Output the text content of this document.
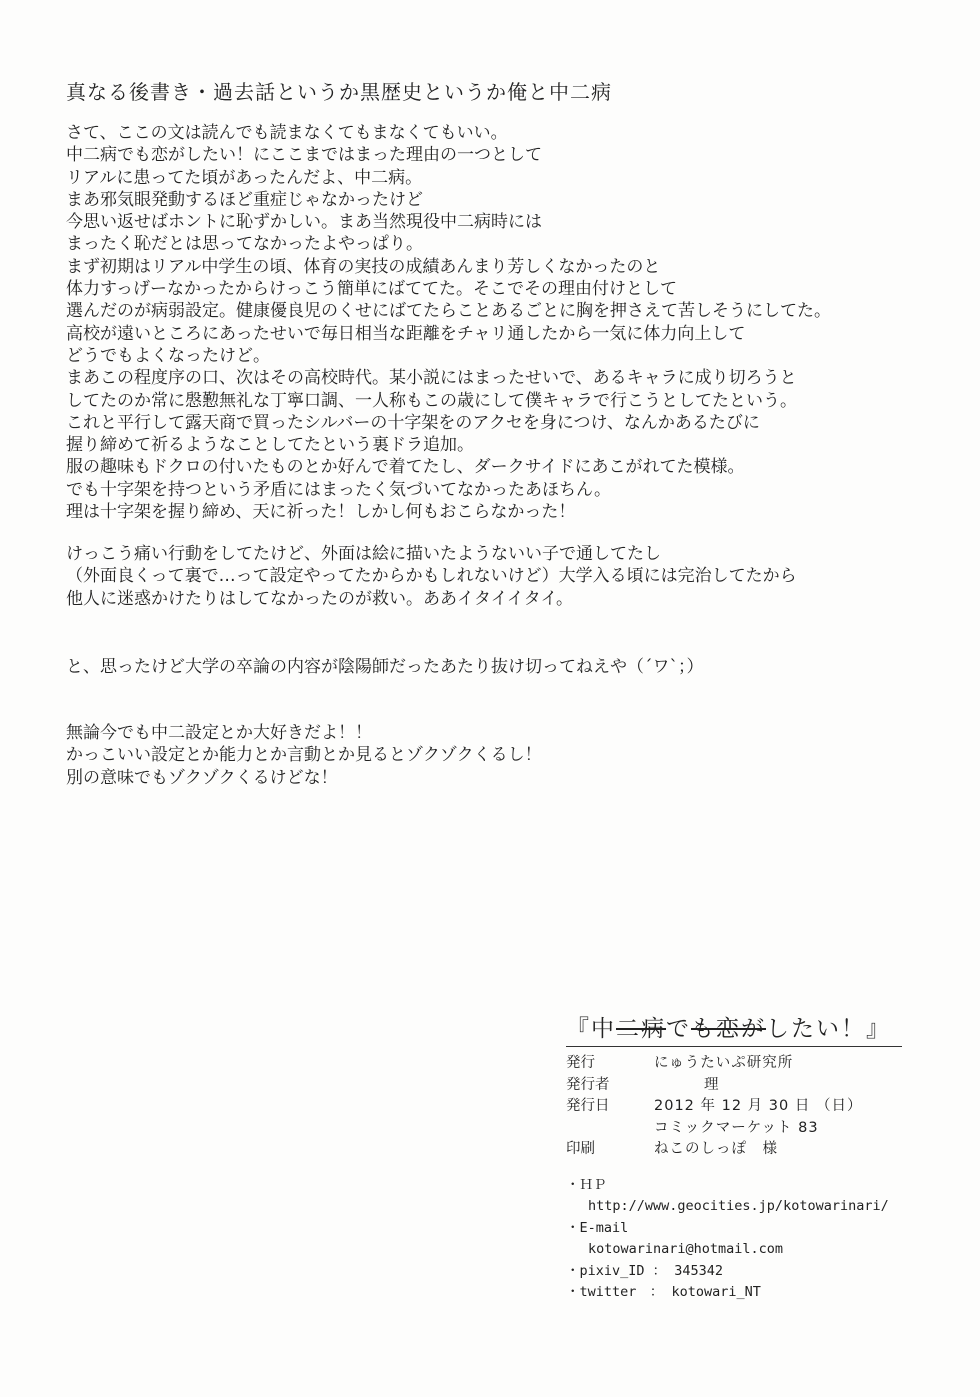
真なる後書き・過去話というか黒歴史というか俺と中二病
さて、ここの文は読んでも読まなくてもまなくてもいい。
中二病でも恋がしたい！にここまではまった理由の一つとして
リアルに患ってた頃があったんだよ、中二病。
まあ邪気眼発動するほど重症じゃなかったけど
今思い返せばホントに恥ずかしい。まあ当然現役中二病時には
まったく恥だとは思ってなかったよやっぱり。
まず初期はリアル中学生の頃、体育の実技の成績あんまり芳しくなかったのと
体力すっげーなかったからけっこう簡単にばててた。そこでその理由付けとして
選んだのが病弱設定。健康優良児のくせにばてたらことあるごとに胸を押さえて苦しそうにしてた。
高校が遠いところにあったせいで毎日相当な距離をチャリ通したから一気に体力向上して
どうでもよくなったけど。
まあこの程度序の口、次はその高校時代。某小説にはまったせいで、あるキャラに成り切ろうと
してたのか常に慇懃無礼な丁寧口調、一人称もこの歳にして僕キャラで行こうとしてたという。
これと平行して露天商で買ったシルバーの十字架をのアクセを身につけ、なんかあるたびに
握り締めて祈るようなことしてたという裏ドラ追加。
服の趣味もドクロの付いたものとか好んで着てたし、ダークサイドにあこがれてた模様。
でも十字架を持つという矛盾にはまったく気づいてなかったあほちん。
理は十字架を握り締め、天に祈った！しかし何もおこらなかった！
けっこう痛い行動をしてたけど、外面は絵に描いたようないい子で通してたし
（外面良くって裏で…って設定やってたからかもしれないけど）大学入る頃には完治してたから
他人に迷惑かけたりはしてなかったのが救い。ああイタイイタイ。
と、思ったけど大学の卒論の内容が陰陽師だったあたり抜け切ってねえや（´ワ`；）
無論今でも中二設定とか大好きだよ！！
かっこいい設定とか能力とか言動とか見るとゾクゾクくるし！
別の意味でもゾクゾクくるけどな！
『中二病でも恋がしたい！』
発行	にゅうたいぷ研究所
発行者	理
発行日	2012 年 12 月 30 日 （日）
コミックマーケット 83
印刷	ねこのしっぽ　様
・ＨＰ
http://www.geocities.jp/kotowarinari/
・E-mail
kotowarinari@hotmail.com
・pixiv_ID ： 345342
・twitter　： kotowari_NT
